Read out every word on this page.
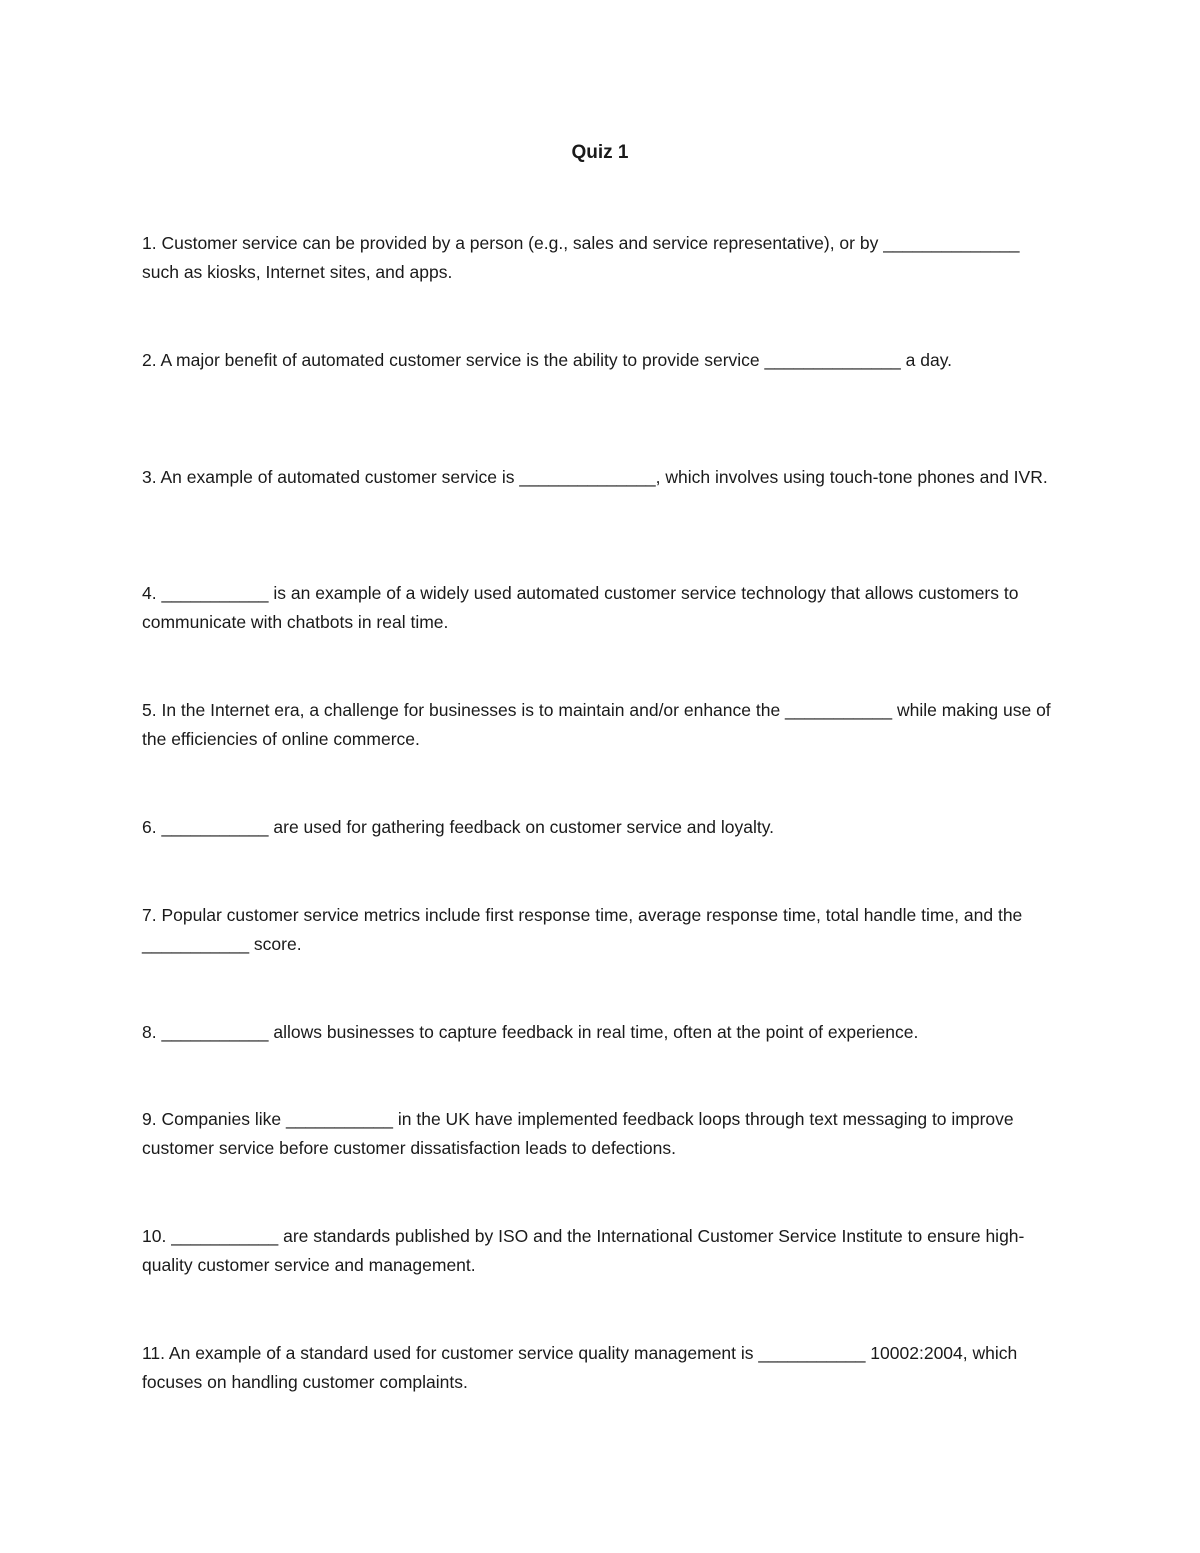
Quiz 1

1. Customer service can be provided by a person (e.g., sales and service representative), or by ______________ such as kiosks, Internet sites, and apps.

2. A major benefit of automated customer service is the ability to provide service ______________ a day.

3. An example of automated customer service is ______________, which involves using touch-tone phones and IVR.

4. ___________ is an example of a widely used automated customer service technology that allows customers to communicate with chatbots in real time.

5. In the Internet era, a challenge for businesses is to maintain and/or enhance the ___________ while making use of the efficiencies of online commerce.

6. ___________ are used for gathering feedback on customer service and loyalty.

7. Popular customer service metrics include first response time, average response time, total handle time, and the ___________ score.

8. ___________ allows businesses to capture feedback in real time, often at the point of experience.

9. Companies like ___________ in the UK have implemented feedback loops through text messaging to improve customer service before customer dissatisfaction leads to defections.

10. ___________ are standards published by ISO and the International Customer Service Institute to ensure high-quality customer service and management.

11. An example of a standard used for customer service quality management is ___________ 10002:2004, which focuses on handling customer complaints.
